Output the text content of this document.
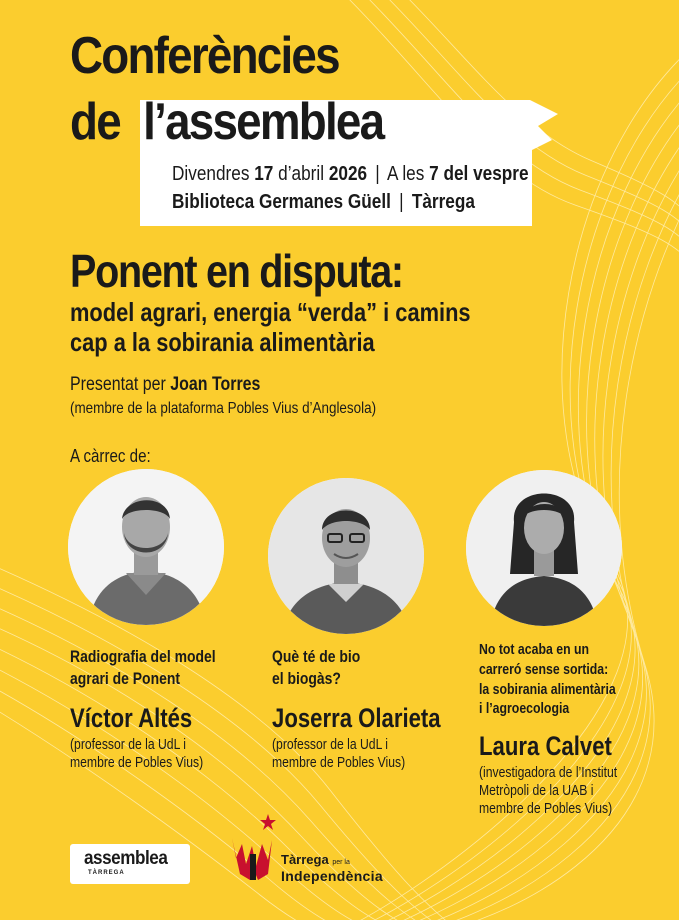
Conferències
de l’assemblea
Divendres 17 d’abril 2026 | A les 7 del vespre
Biblioteca Germanes Güell | Tàrrega
Ponent en disputa:
model agrari, energia “verda” i camins
cap a la sobirania alimentària
Presentat per Joan Torres
(membre de la plataforma Pobles Vius d’Anglesola)
A càrrec de:
Radiografia del model
agrari de Ponent
Víctor Altés
(professor de la UdL i
membre de Pobles Vius)
Què té de bio
el biogàs?
Joserra Olarieta
(professor de la UdL i
membre de Pobles Vius)
No tot acaba en un
carreró sense sortida:
la sobirania alimentària
i l’agroecologia
Laura Calvet
(investigadora de l’Institut
Metròpoli de la UAB i
membre de Pobles Vius)
assemblea
TÀRREGA
Tàrrega per la
Independència
